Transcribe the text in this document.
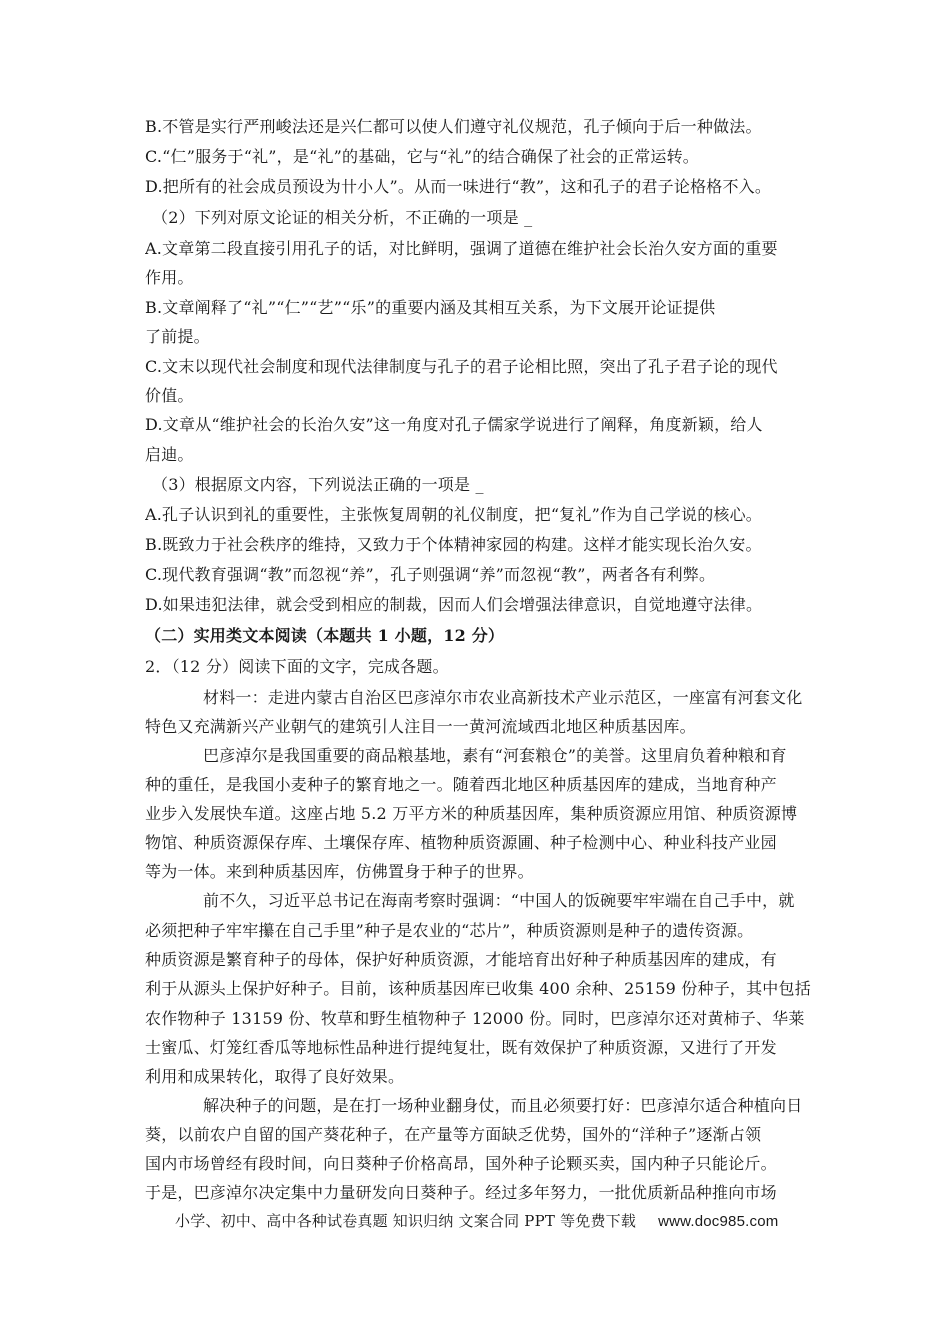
B.不管是实行严刑峻法还是兴仁都可以使人们遵守礼仪规范，孔子倾向于后一种做法。
C.“仁”服务于“礼”，是“礼”的基础，它与“礼”的结合确保了社会的正常运转。
D.把所有的社会成员预设为卄小人”。从而一味进行“教”，这和孔子的君子论格格不入。
（2）下列对原文论证的相关分析，不正确的一项是 _
A.文章第二段直接引用孔子的话，对比鲜明，强调了道德在维护社会长治久安方面的重要
作用。
B.文章阐释了“礼”“仁”“艺”“乐”的重要内涵及其相互关系，为下文展开论证提供
了前提。
C.文末以现代社会制度和现代法律制度与孔子的君子论相比照，突出了孔子君子论的现代
价值。
D.文章从“维护社会的长治久安”这一角度对孔子儒家学说进行了阐释，角度新颖，给人
启迪。
（3）根据原文内容，下列说法正确的一项是 _
A.孔子认识到礼的重要性，主张恢复周朝的礼仪制度，把“复礼”作为自己学说的核心。
B.既致力于社会秩序的维持，又致力于个体精神家园的构建。这样才能实现长治久安。
C.现代教育强调“教”而忽视“养”，孔子则强调“养”而忽视“教”，两者各有利弊。
D.如果违犯法律，就会受到相应的制裁，因而人们会增强法律意识，自觉地遵守法律。
（二）实用类文本阅读（本题共 1 小题，12 分）
2．（12 分）阅读下面的文字，完成各题。
材料一：走进内蒙古自治区巴彦淖尔市农业高新技术产业示范区，一座富有河套文化
特色又充满新兴产业朝气的建筑引人注目一一黄河流域西北地区种质基因库。
巴彦淖尔是我国重要的商品粮基地，素有“河套粮仓”的美誉。这里肩负着种粮和育
种的重任，是我国小麦种子的繁育地之一。随着西北地区种质基因库的建成，当地育种产
业步入发展快车道。这座占地 5.2 万平方米的种质基因库，集种质资源应用馆、种质资源博
物馆、种质资源保存库、土壤保存库、植物种质资源圃、种子检测中心、种业科技产业园
等为一体。来到种质基因库，仿佛置身于种子的世界。
前不久，习近平总书记在海南考察时强调：“中国人的饭碗要牢牢端在自己手中，就
必须把种子牢牢攥在自己手里”种子是农业的“芯片”，种质资源则是种子的遗传资源。
种质资源是繁育种子的母体，保护好种质资源，才能培育出好种子种质基因库的建成，有
利于从源头上保护好种子。目前，该种质基因库已收集 400 余种、25159 份种子，其中包括
农作物种子 13159 份、牧草和野生植物种子 12000 份。同时，巴彦淖尔还对黄柿子、华莱
士蜜瓜、灯笼红香瓜等地标性品种进行提纯复壮，既有效保护了种质资源，又进行了开发
利用和成果转化，取得了良好效果。
解决种子的问题，是在打一场种业翻身仗，而且必须要打好：巴彦淖尔适合种植向日
葵，以前农户自留的国产葵花种子，在产量等方面缺乏优势，国外的“洋种子”逐渐占领
国内市场曾经有段时间，向日葵种子价格高昂，国外种子论颗买卖，国内种子只能论斤。
于是，巴彦淖尔决定集中力量研发向日葵种子。经过多年努力，一批优质新品种推向市场
小学、初中、高中各种试卷真题 知识归纳 文案合同 PPT 等免费下载 www.doc985.com
